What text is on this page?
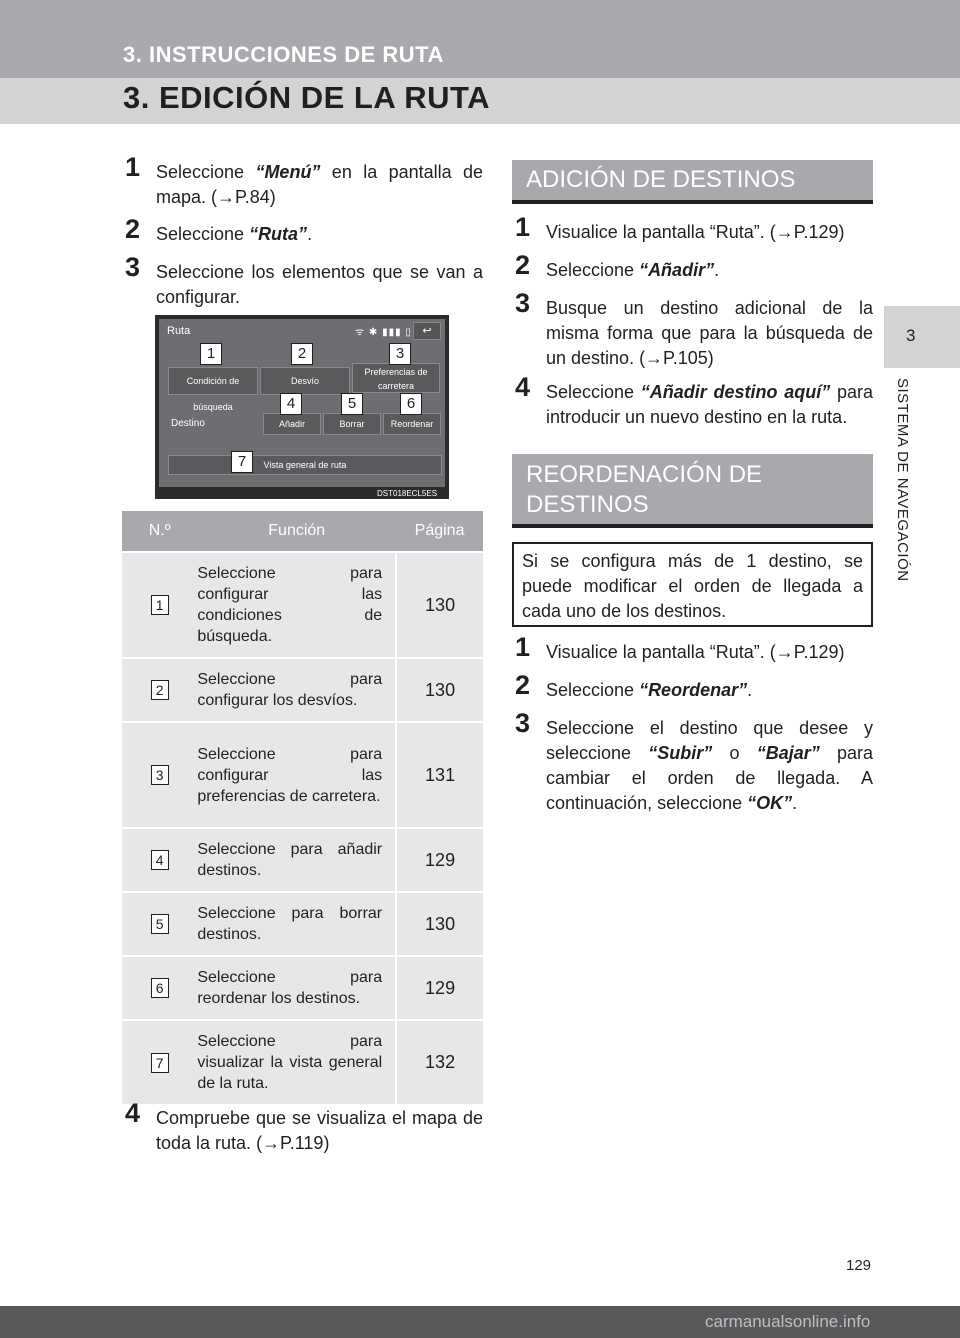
3. INSTRUCCIONES DE RUTA
3. EDICIÓN DE LA RUTA
3
SISTEMA DE NAVEGACIÓN
1 Seleccione “Menú” en la pantalla de mapa. (→P.84)
2 Seleccione “Ruta”.
3 Seleccione los elementos que se van a configurar.
Ruta	ᯤ ✱ ▮▮▮ ▯ ↩
Condición de búsqueda
Desvío
Preferencias de carretera
Destino	Añadir	Borrar	Reordenar
Vista general de ruta
1	2	3
4	5	6
7
DST018ECL5ES
N.º	Función	Página
1	Seleccione para configurar las condiciones de búsqueda.	130
2	Seleccione para configurar los desvíos.	130
3	Seleccione para configurar las preferencias de carretera.	131
4	Seleccione para añadir destinos.	129
5	Seleccione para borrar destinos.	130
6	Seleccione para reordenar los destinos.	129
7	Seleccione para visualizar la vista general de la ruta.	132
4 Compruebe que se visualiza el mapa de toda la ruta. (→P.119)
ADICIÓN DE DESTINOS
1 Visualice la pantalla “Ruta”. (→P.129)
2 Seleccione “Añadir”.
3 Busque un destino adicional de la misma forma que para la búsqueda de un destino. (→P.105)
4 Seleccione “Añadir destino aquí” para introducir un nuevo destino en la ruta.
REORDENACIÓN DE
DESTINOS
Si se configura más de 1 destino, se puede modificar el orden de llegada a cada uno de los destinos.
1 Visualice la pantalla “Ruta”. (→P.129)
2 Seleccione “Reordenar”.
3 Seleccione el destino que desee y seleccione “Subir” o “Bajar” para cambiar el orden de llegada. A continuación, seleccione “OK”.
129
carmanualsonline.info
